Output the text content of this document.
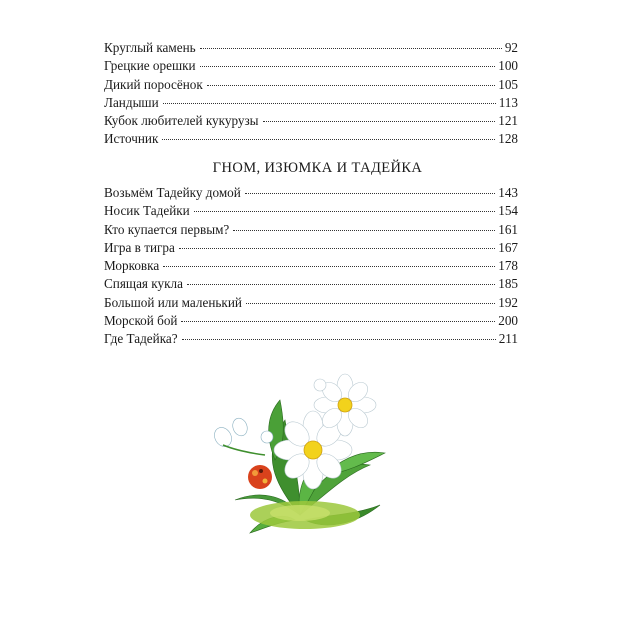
Круглый камень	92
Грецкие орешки	100
Дикий поросёнок	105
Ландыши	113
Кубок любителей кукурузы	121
Источник	128
ГНОМ, ИЗЮМКА И ТАДЕЙКА
Возьмём Тадейку домой	143
Носик Тадейки	154
Кто купается первым?	161
Игра в тигра	167
Морковка	178
Спящая кукла	185
Большой или маленький	192
Морской бой	200
Где Тадейка?	211
